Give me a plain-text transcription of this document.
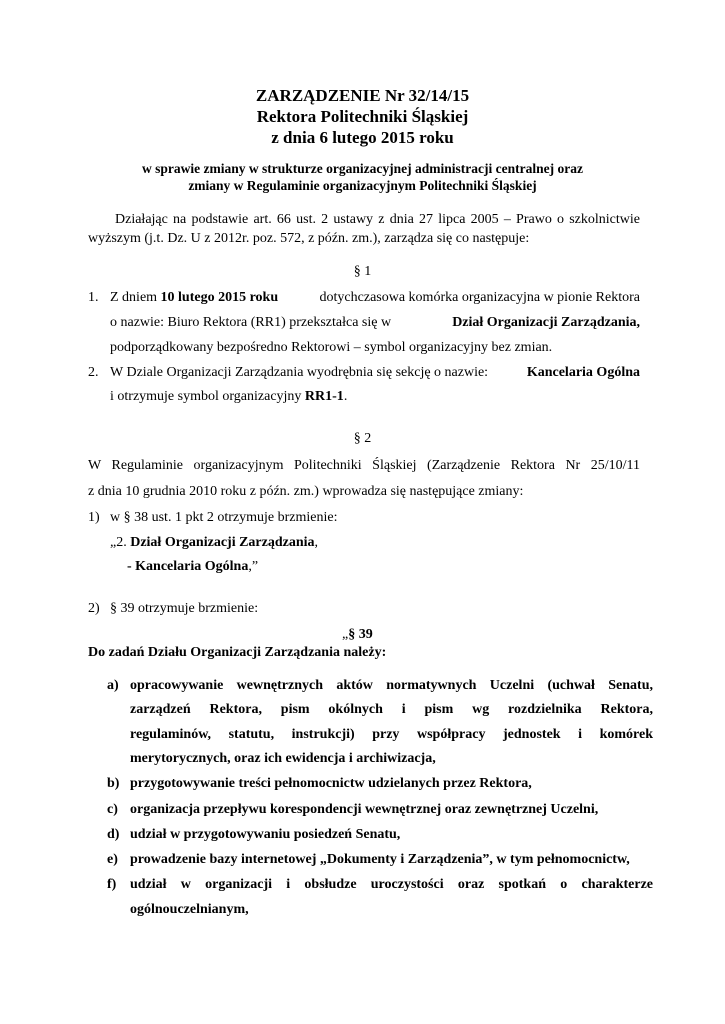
ZARZĄDZENIE Nr 32/14/15
Rektora Politechniki Śląskiej
z dnia 6 lutego 2015 roku
w sprawie zmiany w strukturze organizacyjnej administracji centralnej oraz
zmiany w Regulaminie organizacyjnym Politechniki Śląskiej
Działając na podstawie art. 66 ust. 2 ustawy z dnia 27 lipca 2005 – Prawo o szkolnictwie
wyższym (j.t. Dz. U z 2012r. poz. 572, z późn. zm.), zarządza się co następuje:
§ 1
1. Z dniem 10 lutego 2015 roku	dotychczasowa komórka organizacyjna w pionie Rektora
o nazwie: Biuro Rektora (RR1) przekształca się w	Dział Organizacji Zarządzania,
podporządkowany bezpośredno Rektorowi – symbol organizacyjny bez zmian.
2. W Dziale Organizacji Zarządzania wyodrębnia się sekcję o nazwie:	Kancelaria Ogólna
i otrzymuje symbol organizacyjny RR1-1.
§ 2
W Regulaminie organizacyjnym Politechniki Śląskiej (Zarządzenie Rektora Nr 25/10/11
z dnia 10 grudnia 2010 roku z późn. zm.) wprowadza się następujące zmiany:
1) w § 38 ust. 1 pkt 2 otrzymuje brzmienie:
„2. Dział Organizacji Zarządzania,
- Kancelaria Ogólna,”
2) § 39 otrzymuje brzmienie:
„§ 39
Do zadań Działu Organizacji Zarządzania należy:
a) opracowywanie wewnętrznych aktów normatywnych Uczelni (uchwał Senatu,
zarządzeń Rektora, pism okólnych i pism wg rozdzielnika Rektora,
regulaminów, statutu, instrukcji) przy współpracy jednostek i komórek
merytorycznych, oraz ich ewidencja i archiwizacja,
b) przygotowywanie treści pełnomocnictw udzielanych przez Rektora,
c) organizacja przepływu korespondencji wewnętrznej oraz zewnętrznej Uczelni,
d) udział w przygotowywaniu posiedzeń Senatu,
e) prowadzenie bazy internetowej „Dokumenty i Zarządzenia”, w tym pełnomocnictw,
f) udział w organizacji i obsłudze uroczystości oraz spotkań o charakterze
ogólnouczelnianym,
